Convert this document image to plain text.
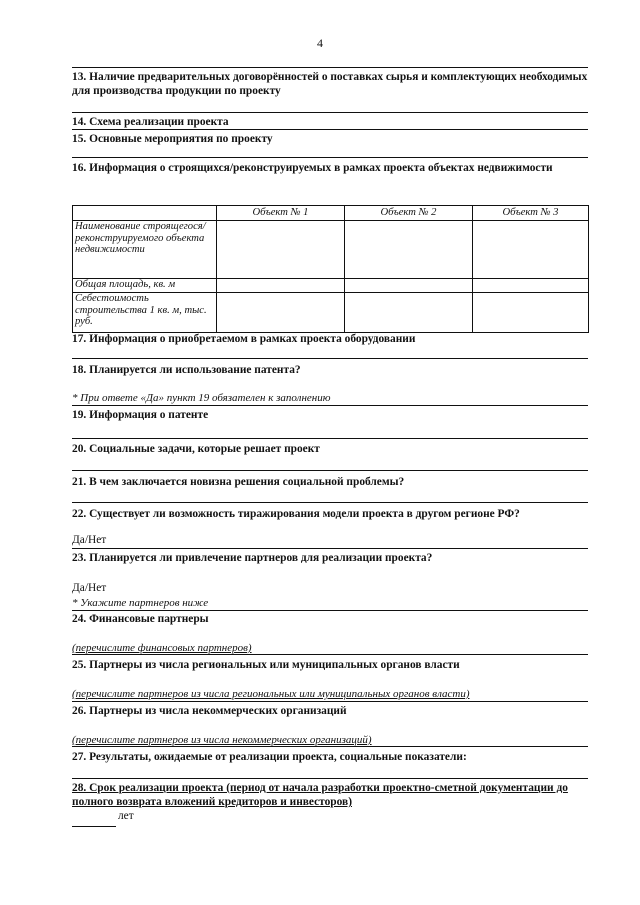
4
13. Наличие предварительных договорённостей о поставках сырья и комплектующих необходимых для производства продукции по проекту
14. Схема реализации проекта
15. Основные мероприятия по проекту
16. Информация о строящихся/реконструируемых в рамках проекта объектах недвижимости
	Объект № 1	Объект № 2	Объект № 3
Наименование строящегося/реконструируемого объекта недвижимости			
Общая площадь, кв. м			
Себестоимость строительства 1 кв. м, тыс. руб.			
17. Информация о приобретаемом в рамках проекта оборудовании
18. Планируется ли использование патента?
* При ответе «Да» пункт 19 обязателен к заполнению
19. Информация о патенте
20. Социальные задачи, которые решает проект
21. В чем заключается новизна решения социальной проблемы?
22. Существует ли возможность тиражирования модели проекта в другом регионе РФ?
Да/Нет
23. Планируется ли привлечение партнеров для реализации проекта?
Да/Нет
* Укажите партнеров ниже
24. Финансовые партнеры
(перечислите финансовых партнеров)
25. Партнеры из числа региональных или муниципальных органов власти
(перечислите партнеров из числа региональных или муниципальных органов власти)
26. Партнеры из числа некоммерческих организаций
(перечислите партнеров из числа некоммерческих организаций)
27. Результаты, ожидаемые от реализации проекта, социальные показатели:
28. Срок реализации проекта (период от начала разработки проектно-сметной документации до полного возврата вложений кредиторов и инвесторов)
лет
